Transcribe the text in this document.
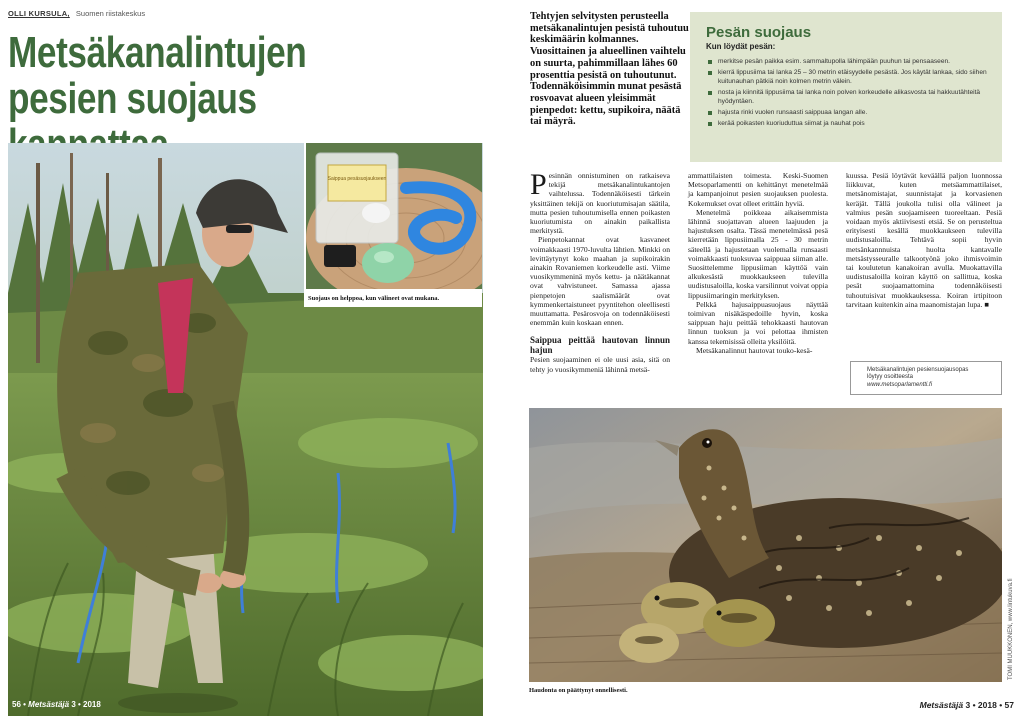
OLLI KURSULA, Suomen riistakeskus
Metsäkanalintujen
pesien suojaus
Saippua pesäsuojaukseen
Suojaus on helppoa, kun välineet ovat mukana.
56 • Metsästäjä 3 • 2018
Tehtyjen selvitysten perusteella metsäkanalintujen pesistä tuhoutuu keskimäärin kolmannes. Vuosittainen ja alueellinen vaihtelu on suurta, pahimmillaan lähes 60 prosenttia pesistä on tuhoutunut. Todennäköisimmin munat pesästä rosvoavat alueen yleisimmät pienpedot: kettu, supikoira, näätä tai mäyrä.
Pesän suojaus
Kun löydät pesän:
merkitse pesän paikka esim. sammaltupolla lähimpään puuhun tai pensaaseen.
kierrä lippusiima tai lanka 25 – 30 metrin etäisyydelle pesästä. Jos käytät lankaa, sido siihen kuitunauhan pätkiä noin kolmen metrin välein.
nosta ja kiinnitä lippusiima tai lanka noin polven korkeudelle alikasvosta tai hakkuutähteitä hyödyntäen.
hajusta rinki vuolen runsaasti saippuaa langan alle.
kerää poikasten kuoriuduttua siimat ja nauhat pois

Pesinnän onnistuminen on ratkaiseva tekijä metsäkanalintukantojen vaihtelussa. Todennäköisesti tärkein yksittäinen tekijä on kuoriutumisajan säätila, mutta pesien tuhoutumisella ennen poikasten kuoriutumista on ainakin paikallista merkitystä.

Pienpetokannat ovat kasvaneet voimakkaasti 1970-luvulta lähtien. Minkki on levittäytynyt koko maahan ja supikoirakin ainakin Rovaniemen korkeudelle asti. Viime vuosikymmeninä myös kettu- ja näätäkannat ovat vahvistuneet. Samassa ajassa pienpetojen saalismäärät ovat kymmenkertaistuneet pyyntitehon oleellisesti muuttamatta. Pesärosvoja on todennäköisesti enemmän kuin koskaan ennen.

Saippua peittää hautovan linnun hajun

Pesien suojaaminen ei ole uusi asia, sitä on tehty jo vuosikymmeniä lähinnä metsä-

ammattilaisten toimesta. Keski-Suomen Metsoparlamentti on kehittänyt menetelmää ja kampanjoinut pesien suojauksen puolesta. Kokemukset ovat olleet erittäin hyviä.

Menetelmä poikkeaa aikaisemmista lähinnä suojattavan alueen laajuuden ja hajustuksen osalta. Tässä menetelmässä pesä kierretään lippusiimalla 25 - 30 metrin säteellä ja hajustetaan vuolemalla runsaasti voimakkaasti tuoksuvaa saippuaa siiman alle. Suosittelemme lippusiiman käyttöä vain alkukesästä muokkaukseen tulevilla uudistusaloilla, koska varsilinnut voivat oppia lippusiimaringin merkityksen.

Pelkkä hajusaippuasuojaus näyttää toimivan nisäkäspedoille hyvin, koska saippuan haju peittää tehokkaasti hautovan linnun tuoksun ja voi pelottaa ihmisten kanssa tekemisissä olleita yksilöitä.

Metsäkanalinnut hautovat touko-kesä-

kuussa. Pesiä löytävät keväällä paljon luonnossa liikkuvat, kuten metsäammattilaiset, metsänomistajat, suunnistajat ja korvasienen keräjät. Tällä joukolla tulisi olla välineet ja valmius pesän suojaamiseen tuoreeltaan. Pesiä voidaan myös aktiivisesti etsiä. Se on perusteltua erityisesti kesällä muokkaukseen tulevilla uudistusaloilla. Tehtävä sopii hyvin metsänkannnuista huolta kantavalle metsästysseuralle talkootyönä joko ihmisvoimin tai koulutetun kanakoiran avulla. Muokattavilla uudistusaloilla koiran käyttö on sallittua, koska pesät suojaamattomina todennäköisesti tuhoutuisivat muokkauksessa. Koiran irtipitoon tarvitaan kuitenkin aina maanomistajan lupa. ■

Metsäkanalintujen pesiensuojausopas
löytyy osoitteesta
www.metsoparlamentti.fi
Haudonta on päättynyt onnellisesti.
TOMI MUUKKONEN, www.lintukuva.fi
Metsästäjä 3 • 2018 • 57
